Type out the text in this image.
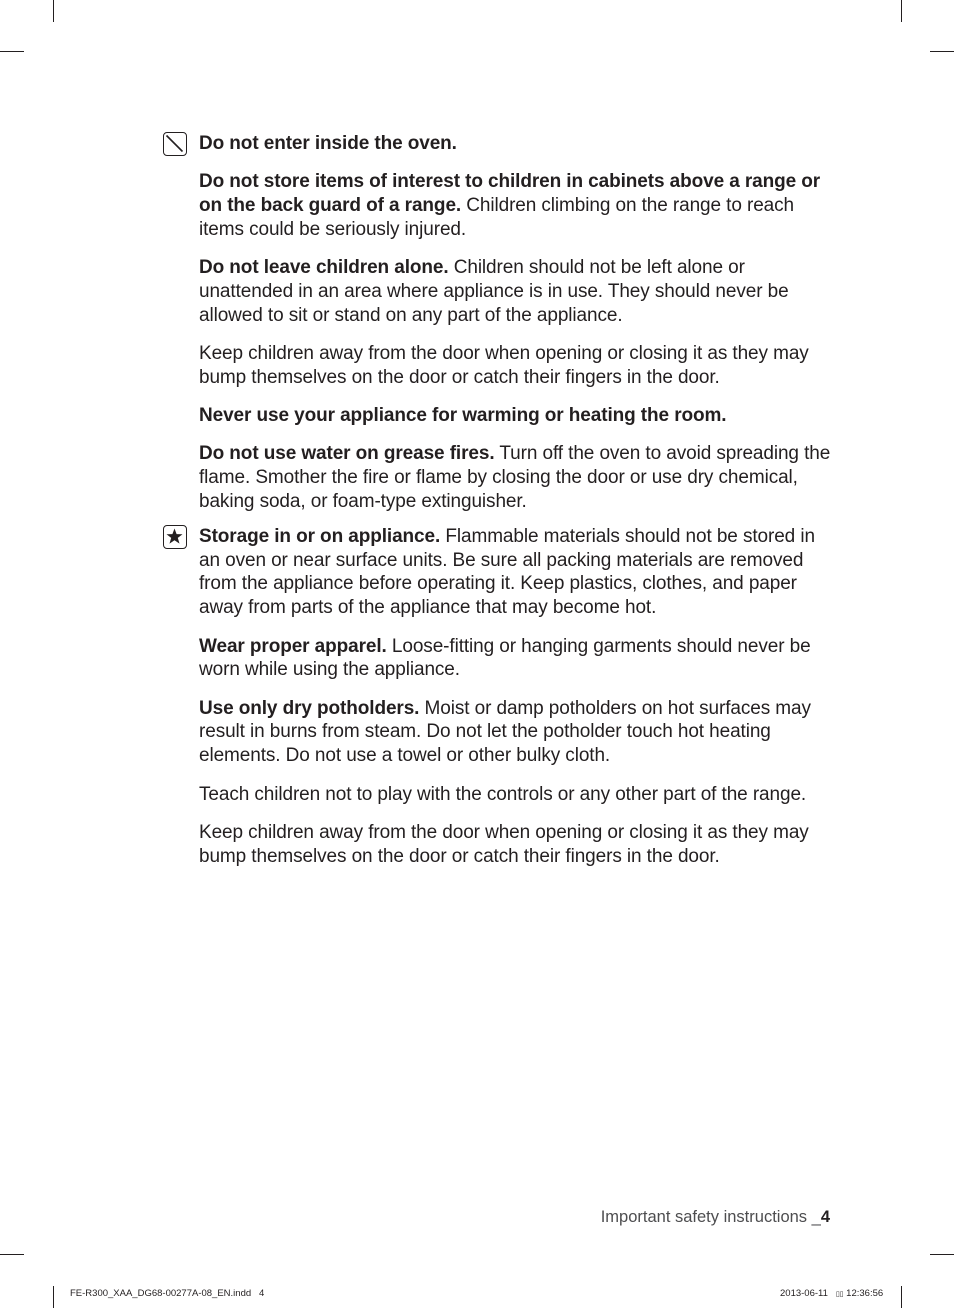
Do not enter inside the oven.

Do not store items of interest to children in cabinets above a range or on the back guard of a range. Children climbing on the range to reach items could be seriously injured.

Do not leave children alone. Children should not be left alone or unattended in an area where appliance is in use. They should never be allowed to sit or stand on any part of the appliance.

Keep children away from the door when opening or closing it as they may bump themselves on the door or catch their fingers in the door.

Never use your appliance for warming or heating the room.

Do not use water on grease fires. Turn off the oven to avoid spreading the flame. Smother the fire or flame by closing the door or use dry chemical, baking soda, or foam-type extinguisher.

Storage in or on appliance. Flammable materials should not be stored in an oven or near surface units. Be sure all packing materials are removed from the appliance before operating it. Keep plastics, clothes, and paper away from parts of the appliance that may become hot.

Wear proper apparel. Loose-fitting or hanging garments should never be worn while using the appliance.

Use only dry potholders. Moist or damp potholders on hot surfaces may result in burns from steam. Do not let the potholder touch hot heating elements. Do not use a towel or other bulky cloth.

Teach children not to play with the controls or any other part of the range.

Keep children away from the door when opening or closing it as they may bump themselves on the door or catch their fingers in the door.

Important safety instructions _4
FE-R300_XAA_DG68-00277A-08_EN.indd   4	2013-06-11 ▯▯ 12:36:56
